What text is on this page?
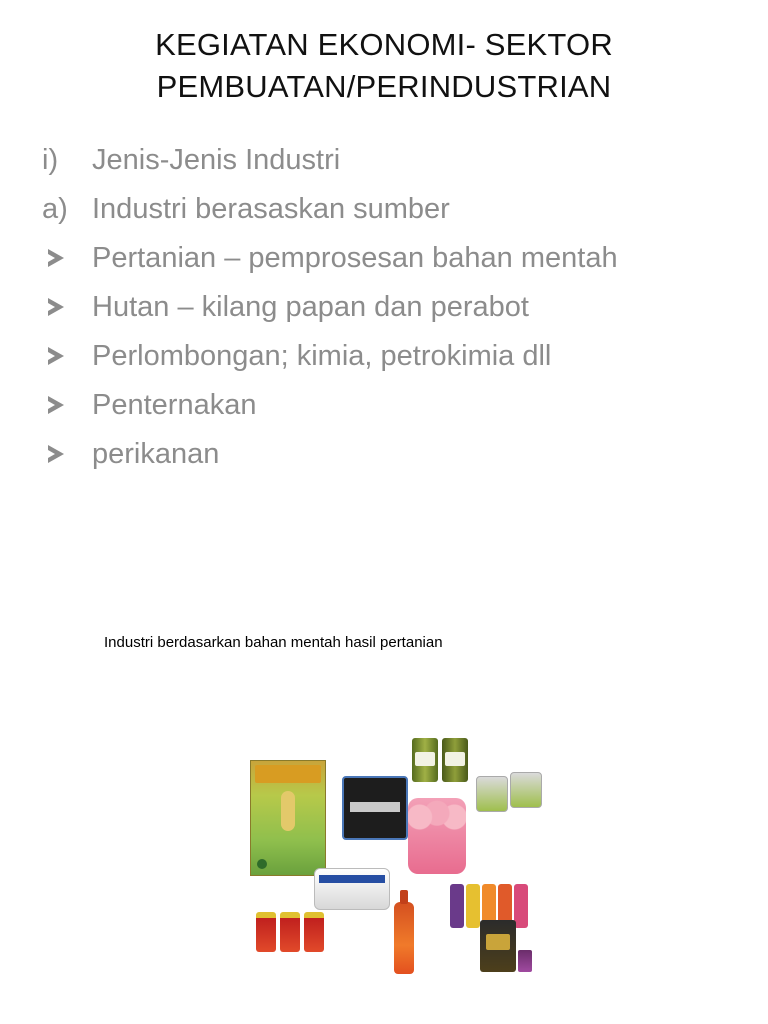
KEGIATAN EKONOMI- SEKTOR
PEMBUATAN/PERINDUSTRIAN
i)	Jenis-Jenis Industri
a) Industri berasaskan sumber
Pertanian – pemprosesan bahan mentah
Hutan – kilang papan dan perabot
Perlombongan; kimia, petrokimia dll
Penternakan
perikanan
Industri berdasarkan bahan mentah hasil pertanian
